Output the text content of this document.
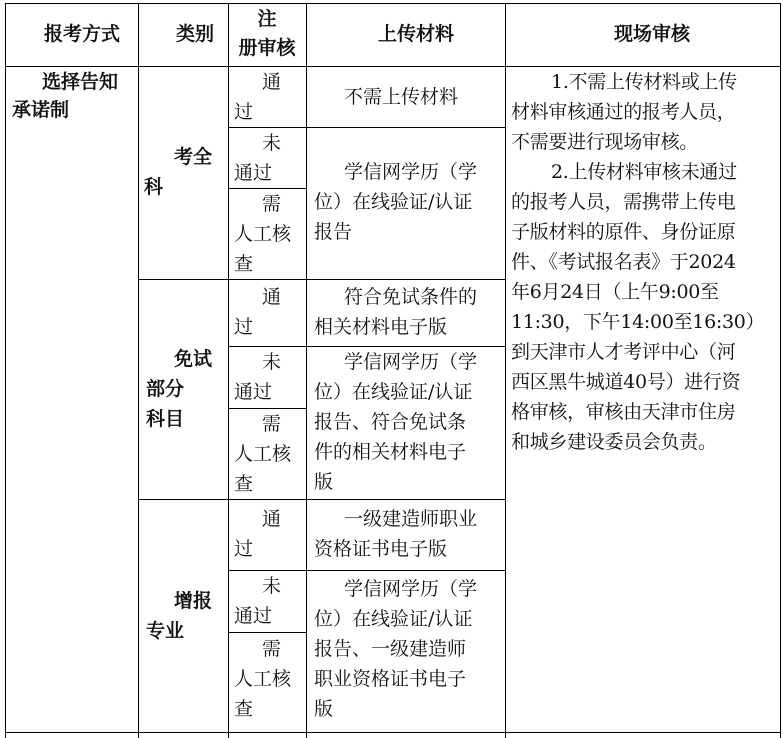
报考方式	类别
注
册审核
上传材料	现场审核
选择告知
承诺制
考全
科
免试
部分
科目
增报
专业
通
过
未
通过
需
人工核
查
通
过
未
通过
需
人工核
查
通
过
未
通过
需
人工核
查
不需上传材料
学信网学历（学
位）在线验证/认证
报告
符合免试条件的
相关材料电子版
学信网学历（学
位）在线验证/认证
报告、符合免试条
件的相关材料电子
版
一级建造师职业
资格证书电子版
学信网学历（学
位）在线验证/认证
报告、一级建造师
职业资格证书电子
版
1.不需上传材料或上传
材料审核通过的报考人员，
不需要进行现场审核。
2.上传材料审核未通过
的报考人员，需携带上传电
子版材料的原件、身份证原
件、《考试报名表》于2024
年6月24日（上午9:00至
11:30，下午14:00至16:30）
到天津市人才考评中心（河
西区黑牛城道40号）进行资
格审核，审核由天津市住房
和城乡建设委员会负责。
